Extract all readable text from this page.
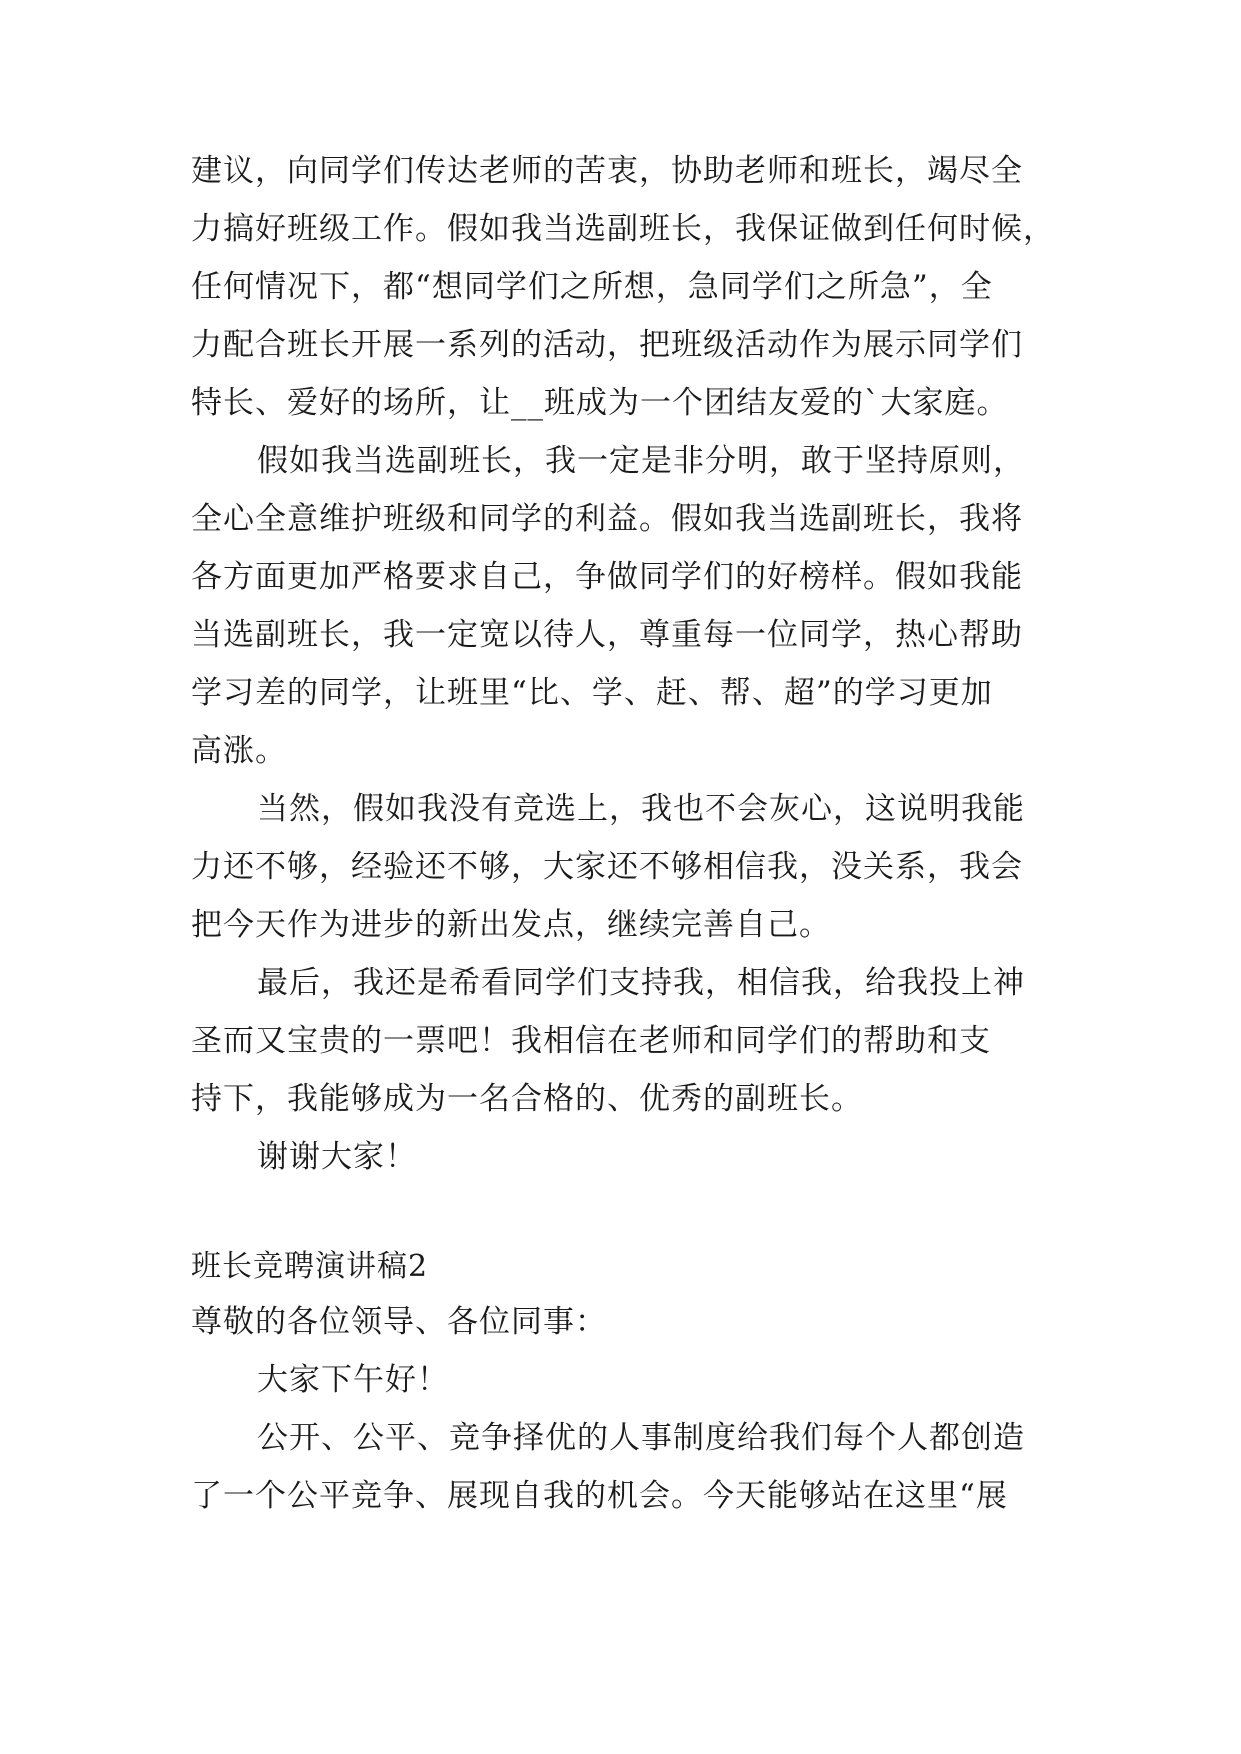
建议，向同学们传达老师的苦衷，协助老师和班长，竭尽全
力搞好班级工作。假如我当选副班长，我保证做到任何时候，
任何情况下，都“想同学们之所想，急同学们之所急”，全
力配合班长开展一系列的活动，把班级活动作为展示同学们
特长、爱好的场所，让__班成为一个团结友爱的`大家庭。
假如我当选副班长，我一定是非分明，敢于坚持原则，
全心全意维护班级和同学的利益。假如我当选副班长，我将
各方面更加严格要求自己，争做同学们的好榜样。假如我能
当选副班长，我一定宽以待人，尊重每一位同学，热心帮助
学习差的同学，让班里“比、学、赶、帮、超”的学习更加
高涨。
当然，假如我没有竞选上，我也不会灰心，这说明我能
力还不够，经验还不够，大家还不够相信我，没关系，我会
把今天作为进步的新出发点，继续完善自己。
最后，我还是希看同学们支持我，相信我，给我投上神
圣而又宝贵的一票吧！我相信在老师和同学们的帮助和支
持下，我能够成为一名合格的、优秀的副班长。
谢谢大家！
班长竞聘演讲稿2
尊敬的各位领导、各位同事：
大家下午好！
公开、公平、竞争择优的人事制度给我们每个人都创造
了一个公平竞争、展现自我的机会。今天能够站在这里“展
